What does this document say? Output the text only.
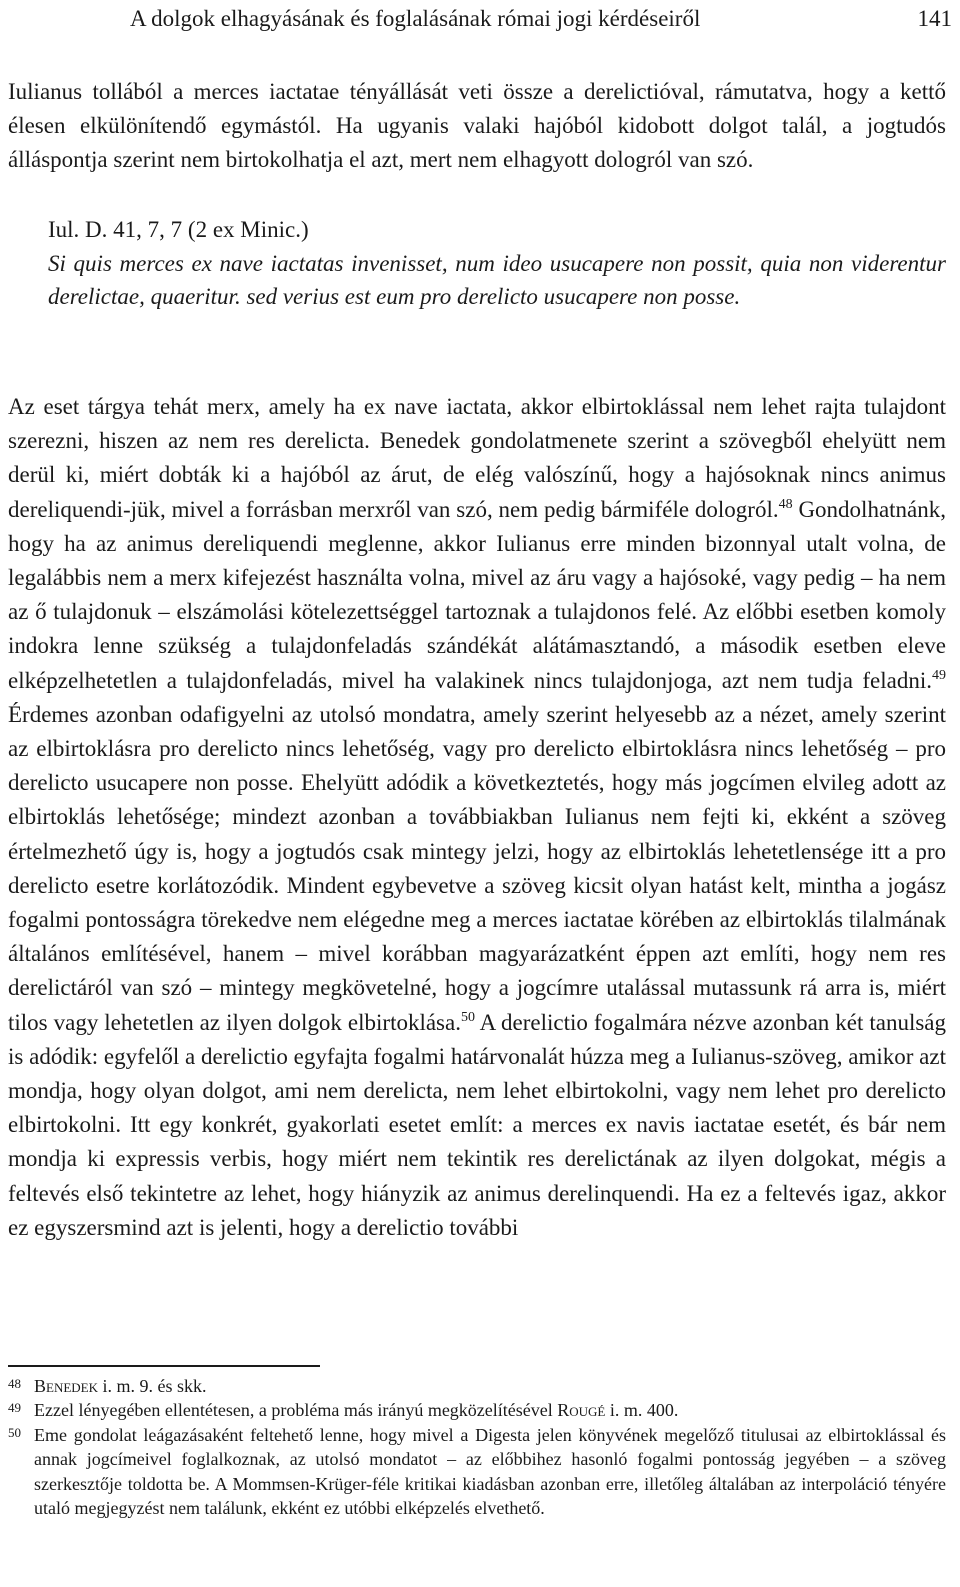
A dolgok elhagyásának és foglalásának római jogi kérdéseiről	141

Iulianus tollából a merces iactatae tényállását veti össze a derelictióval, rámutatva, hogy a kettő élesen elkülönítendő egymástól. Ha ugyanis valaki hajóból kidobott dolgot talál, a jogtudós álláspontja szerint nem birtokolhatja el azt, mert nem elhagyott dologról van szó.

Iul. D. 41, 7, 7 (2 ex Minic.)
Si quis merces ex nave iactatas invenisset, num ideo usucapere non possit, quia non viderentur derelictae, quaeritur. sed verius est eum pro derelicto usucapere non posse.

Az eset tárgya tehát merx, amely ha ex nave iactata, akkor elbirtoklással nem lehet rajta tulajdont szerezni, hiszen az nem res derelicta. Benedek gondolatmenete szerint a szövegből ehelyütt nem derül ki, miért dobták ki a hajóból az árut, de elég valószínű, hogy a hajósoknak nincs animus dereliquendi-jük, mivel a forrásban merxről van szó, nem pedig bármiféle dologról.$^{48}$ Gondolhatnánk, hogy ha az animus dereliquendi meglenne, akkor Iulianus erre minden bizonnyal utalt volna, de legalábbis nem a merx kifejezést használta volna, mivel az áru vagy a hajósoké, vagy pedig – ha nem az ő tulajdonuk – elszámolási kötelezettséggel tartoznak a tulajdonos felé. Az előbbi esetben komoly indokra lenne szükség a tulajdonfeladás szándékát alátámasztandó, a második esetben eleve elképzelhetetlen a tulajdonfeladás, mivel ha valakinek nincs tulajdonjoga, azt nem tudja feladni.$^{49}$ Érdemes azonban odafigyelni az utolsó mondatra, amely szerint helyesebb az a nézet, amely szerint az elbirtoklásra pro derelicto nincs lehetőség, vagy pro derelicto elbirtoklásra nincs lehetőség – pro derelicto usucapere non posse. Ehelyütt adódik a következtetés, hogy más jogcímen elvileg adott az elbirtoklás lehetősége; mindezt azonban a továbbiakban Iulianus nem fejti ki, ekként a szöveg értelmezhető úgy is, hogy a jogtudós csak mintegy jelzi, hogy az elbirtoklás lehetetlensége itt a pro derelicto esetre korlátozódik. Mindent egybevetve a szöveg kicsit olyan hatást kelt, mintha a jogász fogalmi pontosságra törekedve nem elégedne meg a merces iactatae körében az elbirtoklás tilalmának általános említésével, hanem – mivel korábban magyarázatként éppen azt említi, hogy nem res derelictáról van szó – mintegy megkövetelné, hogy a jogcímre utalással mutassunk rá arra is, miért tilos vagy lehetetlen az ilyen dolgok elbirtoklása.$^{50}$ A derelictio fogalmára nézve azonban két tanulság is adódik: egyfelől a derelictio egyfajta fogalmi határvonalát húzza meg a Iulianus-szöveg, amikor azt mondja, hogy olyan dolgot, ami nem derelicta, nem lehet elbirtokolni, vagy nem lehet pro derelicto elbirtokolni. Itt egy konkrét, gyakorlati esetet említ: a merces ex navis iactatae esetét, és bár nem mondja ki expressis verbis, hogy miért nem tekintik res derelictának az ilyen dolgokat, mégis a feltevés első tekintetre az lehet, hogy hiányzik az animus derelinquendi. Ha ez a feltevés igaz, akkor ez egyszersmind azt is jelenti, hogy a derelictio további

48 Benedek i. m. 9. és skk.
49 Ezzel lényegében ellentétesen, a probléma más irányú megközelítésével Rougé i. m. 400.
50 Eme gondolat leágazásaként feltehető lenne, hogy mivel a Digesta jelen könyvének megelőző titulusai az elbirtoklással és annak jogcímeivel foglalkoznak, az utolsó mondatot – az előbbihez hasonló fogalmi pontosság jegyében – a szöveg szerkesztője toldotta be. A Mommsen-Krüger-féle kritikai kiadásban azonban erre, illetőleg általában az interpoláció tényére utaló megjegyzést nem találunk, ekként ez utóbbi elképzelés elvethető.
